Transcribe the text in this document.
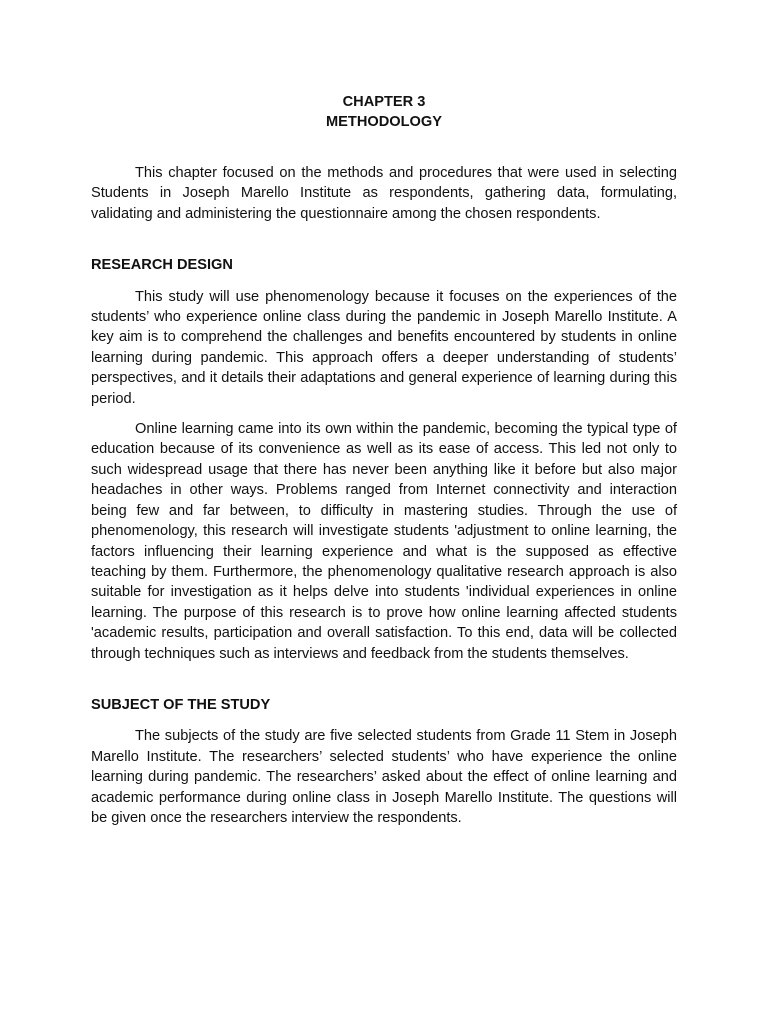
CHAPTER 3

METHODOLOGY

This chapter focused on the methods and procedures that were used in selecting Students in Joseph Marello Institute as respondents, gathering data, formulating, validating and administering the questionnaire among the chosen respondents.

RESEARCH DESIGN

This study will use phenomenology because it focuses on the experiences of the students’ who experience online class during the pandemic in Joseph Marello Institute. A key aim is to comprehend the challenges and benefits encountered by students in online learning during pandemic. This approach offers a deeper understanding of students’ perspectives, and it details their adaptations and general experience of learning during this period.

Online learning came into its own within the pandemic, becoming the typical type of education because of its convenience as well as its ease of access. This led not only to such widespread usage that there has never been anything like it before but also major headaches in other ways. Problems ranged from Internet connectivity and interaction being few and far between, to difficulty in mastering studies. Through the use of phenomenology, this research will investigate students 'adjustment to online learning, the factors influencing their learning experience and what is the supposed as effective teaching by them. Furthermore, the phenomenology qualitative research approach is also suitable for investigation as it helps delve into students 'individual experiences in online learning. The purpose of this research is to prove how online learning affected students 'academic results, participation and overall satisfaction. To this end, data will be collected through techniques such as interviews and feedback from the students themselves.

SUBJECT OF THE STUDY

The subjects of the study are five selected students from Grade 11 Stem in Joseph Marello Institute. The researchers’ selected students’ who have experience the online learning during pandemic. The researchers’ asked about the effect of online learning and academic performance during online class in Joseph Marello Institute. The questions will be given once the researchers interview the respondents.
